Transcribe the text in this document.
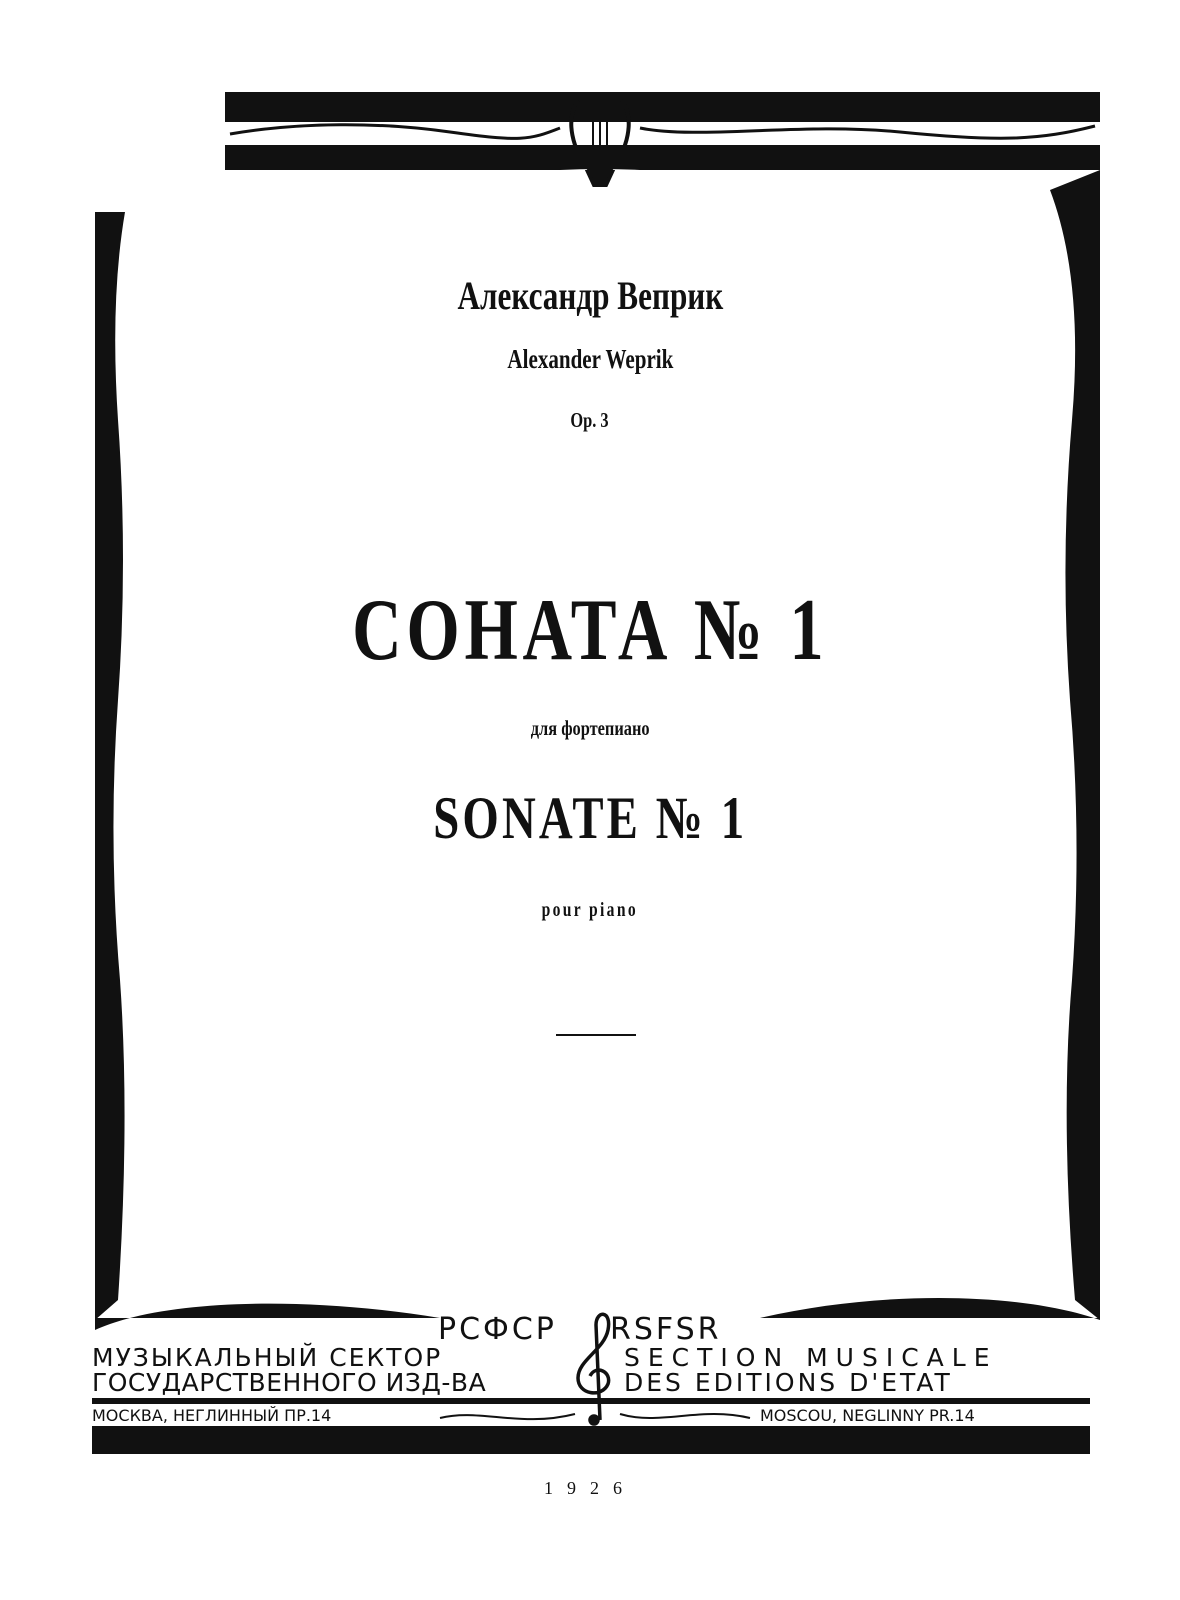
Александр Веприк
Alexander Weprik

Op. 3

СОНАТА № 1

для фортепиано

SONATE № 1

pour piano

РСФСР RSFSR

МУЗЫКАЛЬНЫЙ СЕКТОР

ГОСУДАРСТВЕННОГО ИЗД-ВА

SECTION MUSICALE

DES EDITIONS D'ETAT

МОСКВА, НЕГЛИННЫЙ ПР.14	MOSCOU, NEGLINNY PR.14

1926
